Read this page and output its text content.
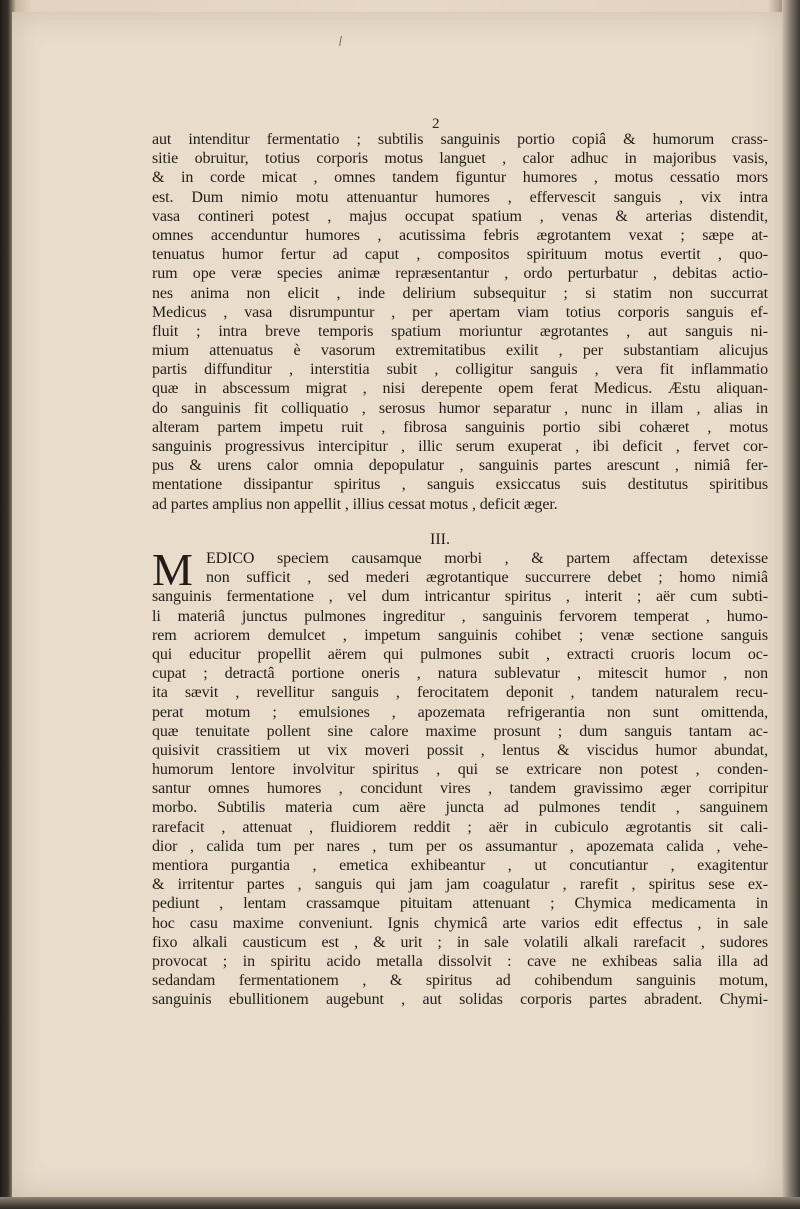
2
aut intenditur fermentatio ; subtilis sanguinis portio copiâ & humorum crass-
sitie obruitur, totius corporis motus languet , calor adhuc in majoribus vasis,
& in corde micat , omnes tandem figuntur humores , motus cessatio mors
est. Dum nimio motu attenuantur humores , effervescit sanguis , vix intra
vasa contineri potest , majus occupat spatium , venas & arterias distendit,
omnes accenduntur humores , acutissima febris ægrotantem vexat ; sæpe at-
tenuatus humor fertur ad caput , compositos spirituum motus evertit , quo-
rum ope veræ species animæ repræsentantur , ordo perturbatur , debitas actio-
nes anima non elicit , inde delirium subsequitur ; si statim non succurrat
Medicus , vasa disrumpuntur , per apertam viam totius corporis sanguis ef-
fluit ; intra breve temporis spatium moriuntur ægrotantes , aut sanguis ni-
mium attenuatus è vasorum extremitatibus exilit , per substantiam alicujus
partis diffunditur , interstitia subit , colligitur sanguis , vera fit inflammatio
quæ in abscessum migrat , nisi derepente opem ferat Medicus. Æstu aliquan-
do sanguinis fit colliquatio , serosus humor separatur , nunc in illam , alias in
alteram partem impetu ruit , fibrosa sanguinis portio sibi cohæret , motus
sanguinis progressivus intercipitur , illic serum exuperat , ibi deficit , fervet cor-
pus & urens calor omnia depopulatur , sanguinis partes arescunt , nimiâ fer-
mentatione dissipantur spiritus , sanguis exsiccatus suis destitutus spiritibus
ad partes amplius non appellit , illius cessat motus , deficit æger.
III.
M EDICO speciem causamque morbi , & partem affectam detexisse
non sufficit , sed mederi ægrotantique succurrere debet ; homo nimiâ
sanguinis fermentatione , vel dum intricantur spiritus , interit ; aër cum subti-
li materiâ junctus pulmones ingreditur , sanguinis fervorem temperat , humo-
rem acriorem demulcet , impetum sanguinis cohibet ; venæ sectione sanguis
qui educitur propellit aërem qui pulmones subit , extracti cruoris locum oc-
cupat ; detractâ portione oneris , natura sublevatur , mitescit humor , non
ita sævit , revellitur sanguis , ferocitatem deponit , tandem naturalem recu-
perat motum ; emulsiones , apozemata refrigerantia non sunt omittenda,
quæ tenuitate pollent sine calore maxime prosunt ; dum sanguis tantam ac-
quisivit crassitiem ut vix moveri possit , lentus & viscidus humor abundat,
humorum lentore involvitur spiritus , qui se extricare non potest , conden-
santur omnes humores , concidunt vires , tandem gravissimo æger corripitur
morbo. Subtilis materia cum aëre juncta ad pulmones tendit , sanguinem
rarefacit , attenuat , fluidiorem reddit ; aër in cubiculo ægrotantis sit cali-
dior , calida tum per nares , tum per os assumantur , apozemata calida , vehe-
mentiora purgantia , emetica exhibeantur , ut concutiantur , exagitentur
& irritentur partes , sanguis qui jam jam coagulatur , rarefit , spiritus sese ex-
pediunt , lentam crassamque pituitam attenuant ; Chymica medicamenta in
hoc casu maxime conveniunt. Ignis chymicâ arte varios edit effectus , in sale
fixo alkali causticum est , & urit ; in sale volatili alkali rarefacit , sudores
provocat ; in spiritu acido metalla dissolvit : cave ne exhibeas salia illa ad
sedandam fermentationem , & spiritus ad cohibendum sanguinis motum,
sanguinis ebullitionem augebunt , aut solidas corporis partes abradent. Chymi-
